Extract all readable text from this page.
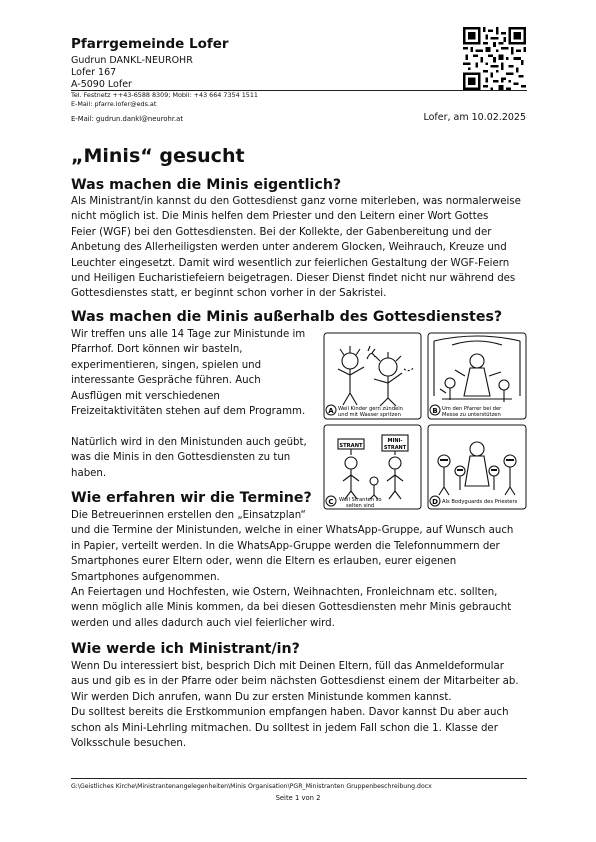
Pfarrgemeinde Lofer
Gudrun DANKL-NEUROHR
Lofer 167
A-5090 Lofer
Tel. Festnetz ++43-6588 8309; Mobil: +43 664 7354 1511
E-Mail: pfarre.lofer@eds.at
E-Mail: gudrun.dankl@neurohr.at	Lofer, am 10.02.2025
„Minis“ gesucht
Was machen die Minis eigentlich?

Als Ministrant/in kannst du den Gottesdienst ganz vorne miterleben, was normalerweise
nicht möglich ist. Die Minis helfen dem Priester und den Leitern einer Wort Gottes
Feier (WGF) bei den Gottesdiensten. Bei der Kollekte, der Gabenbereitung und der
Anbetung des Allerheiligsten werden unter anderem Glocken, Weihrauch, Kreuze und
Leuchter eingesetzt. Damit wird wesentlich zur feierlichen Gestaltung der WGF-Feiern
und Heiligen Eucharistiefeiern beigetragen. Dieser Dienst findet nicht nur während des
Gottesdienstes statt, er beginnt schon vorher in der Sakristei.

Was machen die Minis außerhalb des Gottesdienstes?

Wir treffen uns alle 14 Tage zur Ministunde im
Pfarrhof. Dort können wir basteln,
experimentieren, singen, spielen und
interessante Gespräche führen. Auch
Ausflügen mit verschiedenen
Freizeitaktivitäten stehen auf dem Programm.
Natürlich wird in den Ministunden auch geübt,
was die Minis in den Gottesdiensten zu tun
haben.

A Weil Kinder gern zündeln
und mit Wasser spritzen	B Um den Pfarrer bei der
Messe zu unterstützen
STRANT
MINI-
STRANT
C Weil Stranten so
selten sind	D Als Bodyguards des Priesters
Wie erfahren wir die Termine?

Die Betreuerinnen erstellen den „Einsatzplan“
und die Termine der Ministunden, welche in einer WhatsApp-Gruppe, auf Wunsch auch
in Papier, verteilt werden. In die WhatsApp-Gruppe werden die Telefonnummern der
Smartphones eurer Eltern oder, wenn die Eltern es erlauben, eurer eigenen
Smartphones aufgenommen.
An Feiertagen und Hochfesten, wie Ostern, Weihnachten, Fronleichnam etc. sollten,
wenn möglich alle Minis kommen, da bei diesen Gottesdiensten mehr Minis gebraucht
werden und alles dadurch auch viel feierlicher wird.

Wie werde ich Ministrant/in?

Wenn Du interessiert bist, besprich Dich mit Deinen Eltern, füll das Anmeldeformular
aus und gib es in der Pfarre oder beim nächsten Gottesdienst einem der Mitarbeiter ab.
Wir werden Dich anrufen, wann Du zur ersten Ministunde kommen kannst.
Du solltest bereits die Erstkommunion empfangen haben. Davor kannst Du aber auch
schon als Mini-Lehrling mitmachen. Du solltest in jedem Fall schon die 1. Klasse der
Volksschule besuchen.

G:\Geistliches Kirche\Ministrantenangelegenheiten\Minis Organisation\PGR_Ministranten Gruppenbeschreibung.docx
Seite 1 von 2
